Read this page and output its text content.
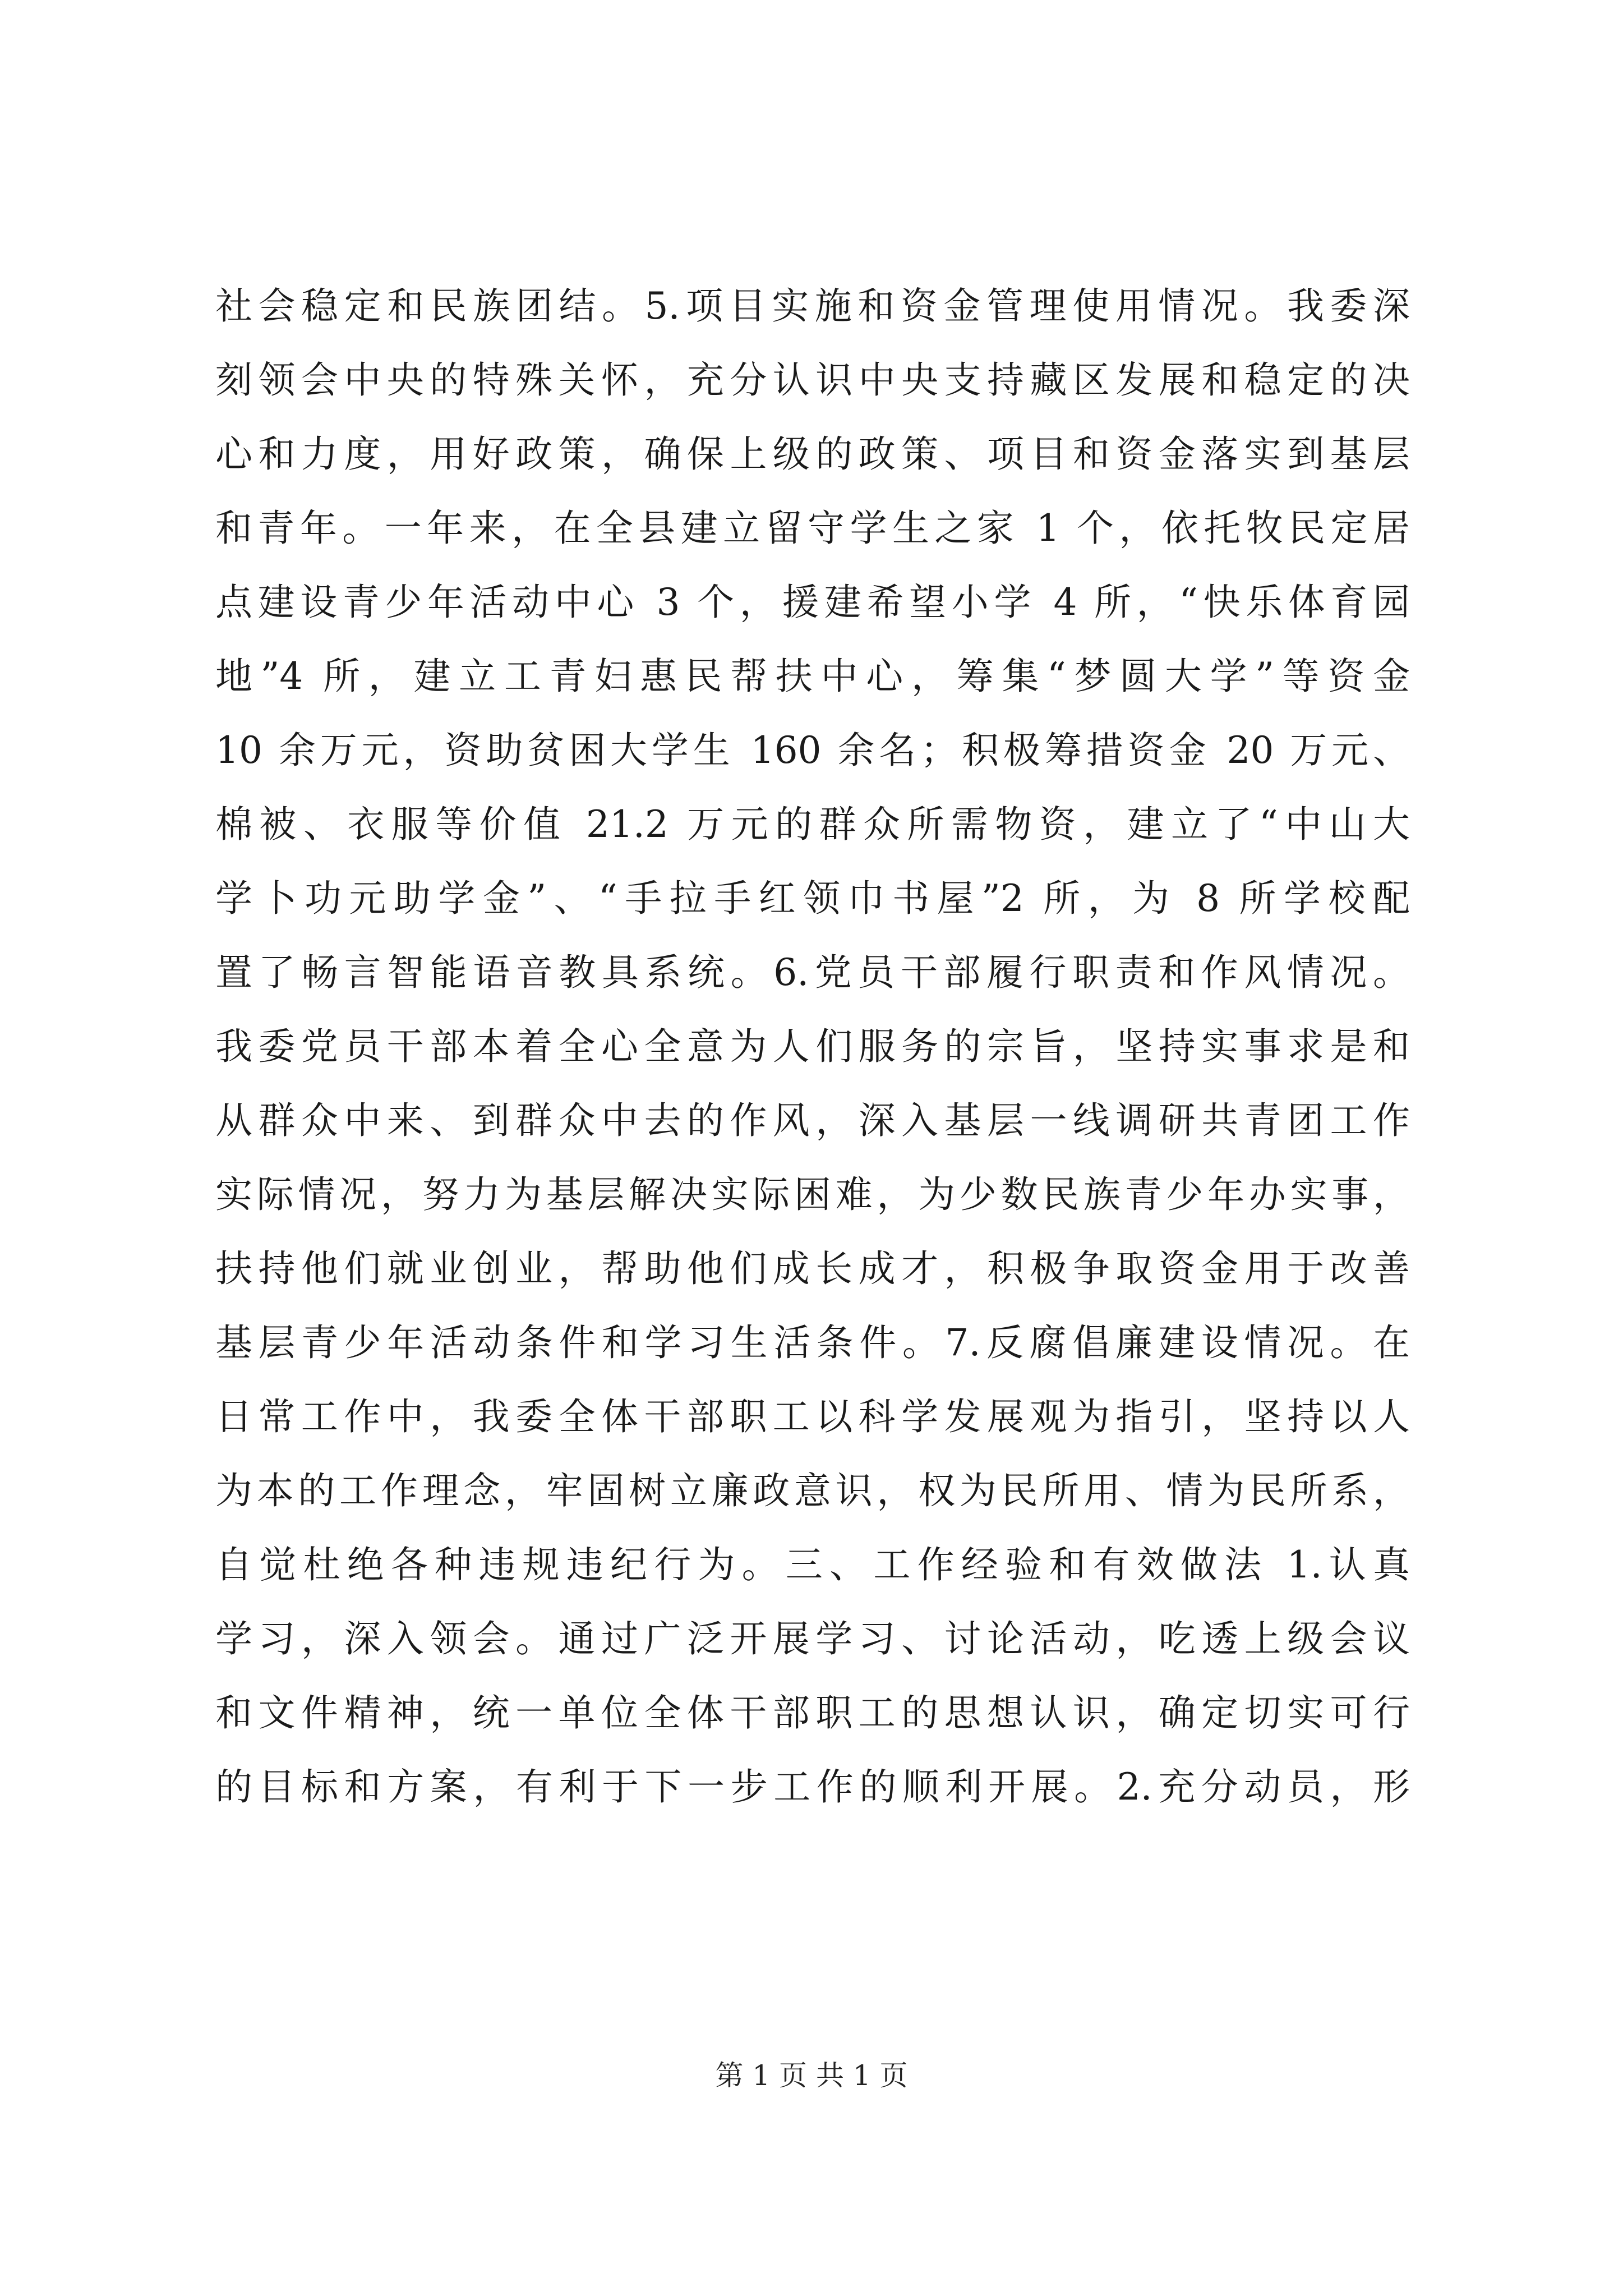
社会稳定和民族团结。5.项目实施和资金管理使用情况。我委深
刻领会中央的特殊关怀，充分认识中央支持藏区发展和稳定的决
心和力度，用好政策，确保上级的政策、项目和资金落实到基层
和青年。一年来，在全县建立留守学生之家 1 个，依托牧民定居
点建设青少年活动中心 3 个，援建希望小学 4 所，“快乐体育园
地”4 所，建立工青妇惠民帮扶中心，筹集“梦圆大学”等资金
10 余万元，资助贫困大学生 160 余名；积极筹措资金 20 万元、
棉被、衣服等价值 21.2 万元的群众所需物资，建立了“中山大
学卜功元助学金”、“手拉手红领巾书屋”2 所，为 8 所学校配
置了畅言智能语音教具系统。6.党员干部履行职责和作风情况。
我委党员干部本着全心全意为人们服务的宗旨，坚持实事求是和
从群众中来、到群众中去的作风，深入基层一线调研共青团工作
实际情况，努力为基层解决实际困难，为少数民族青少年办实事，
扶持他们就业创业，帮助他们成长成才，积极争取资金用于改善
基层青少年活动条件和学习生活条件。7.反腐倡廉建设情况。在
日常工作中，我委全体干部职工以科学发展观为指引，坚持以人
为本的工作理念，牢固树立廉政意识，权为民所用、情为民所系，
自觉杜绝各种违规违纪行为。三、工作经验和有效做法 1.认真
学习，深入领会。通过广泛开展学习、讨论活动，吃透上级会议
和文件精神，统一单位全体干部职工的思想认识，确定切实可行
的目标和方案，有利于下一步工作的顺利开展。2.充分动员，形
第 1 页 共 1 页
